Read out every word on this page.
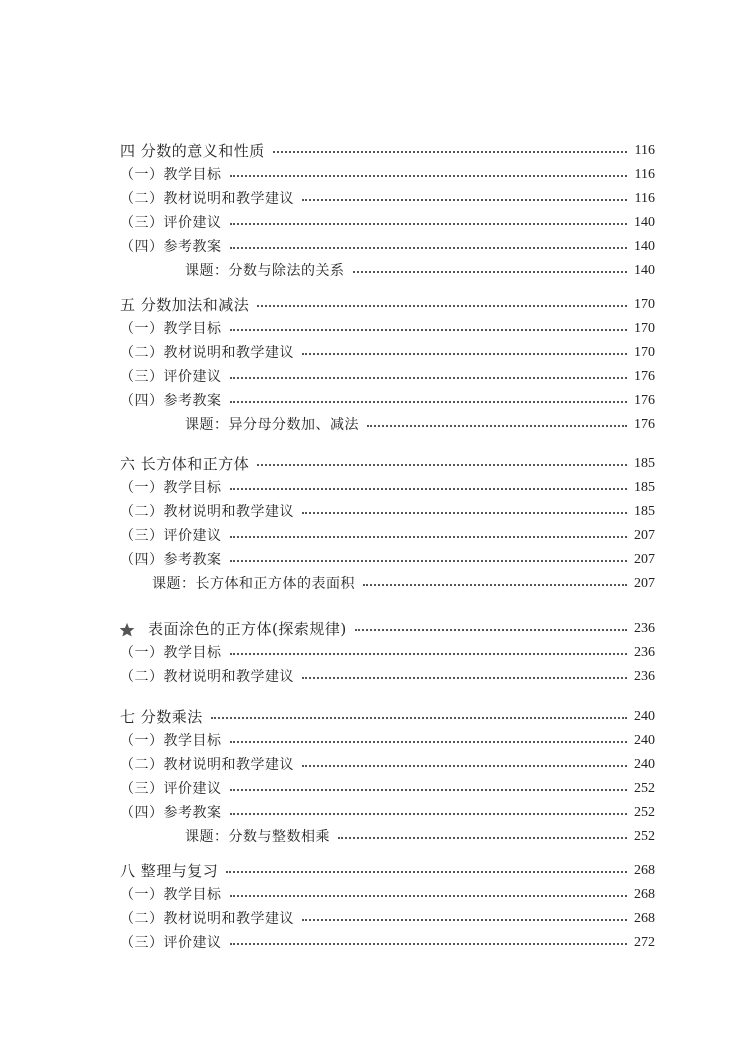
四 分数的意义和性质	116
（一）教学目标	116
（二）教材说明和教学建议	116
（三）评价建议	140
（四）参考教案	140
课题：分数与除法的关系	140
五 分数加法和减法	170
（一）教学目标	170
（二）教材说明和教学建议	170
（三）评价建议	176
（四）参考教案	176
课题：异分母分数加、减法	176
六 长方体和正方体	185
（一）教学目标	185
（二）教材说明和教学建议	185
（三）评价建议	207
（四）参考教案	207
课题：长方体和正方体的表面积	207
表面涂色的正方体(探索规律)	236
（一）教学目标	236
（二）教材说明和教学建议	236
七 分数乘法	240
（一）教学目标	240
（二）教材说明和教学建议	240
（三）评价建议	252
（四）参考教案	252
课题：分数与整数相乘	252
八 整理与复习	268
（一）教学目标	268
（二）教材说明和教学建议	268
（三）评价建议	272
